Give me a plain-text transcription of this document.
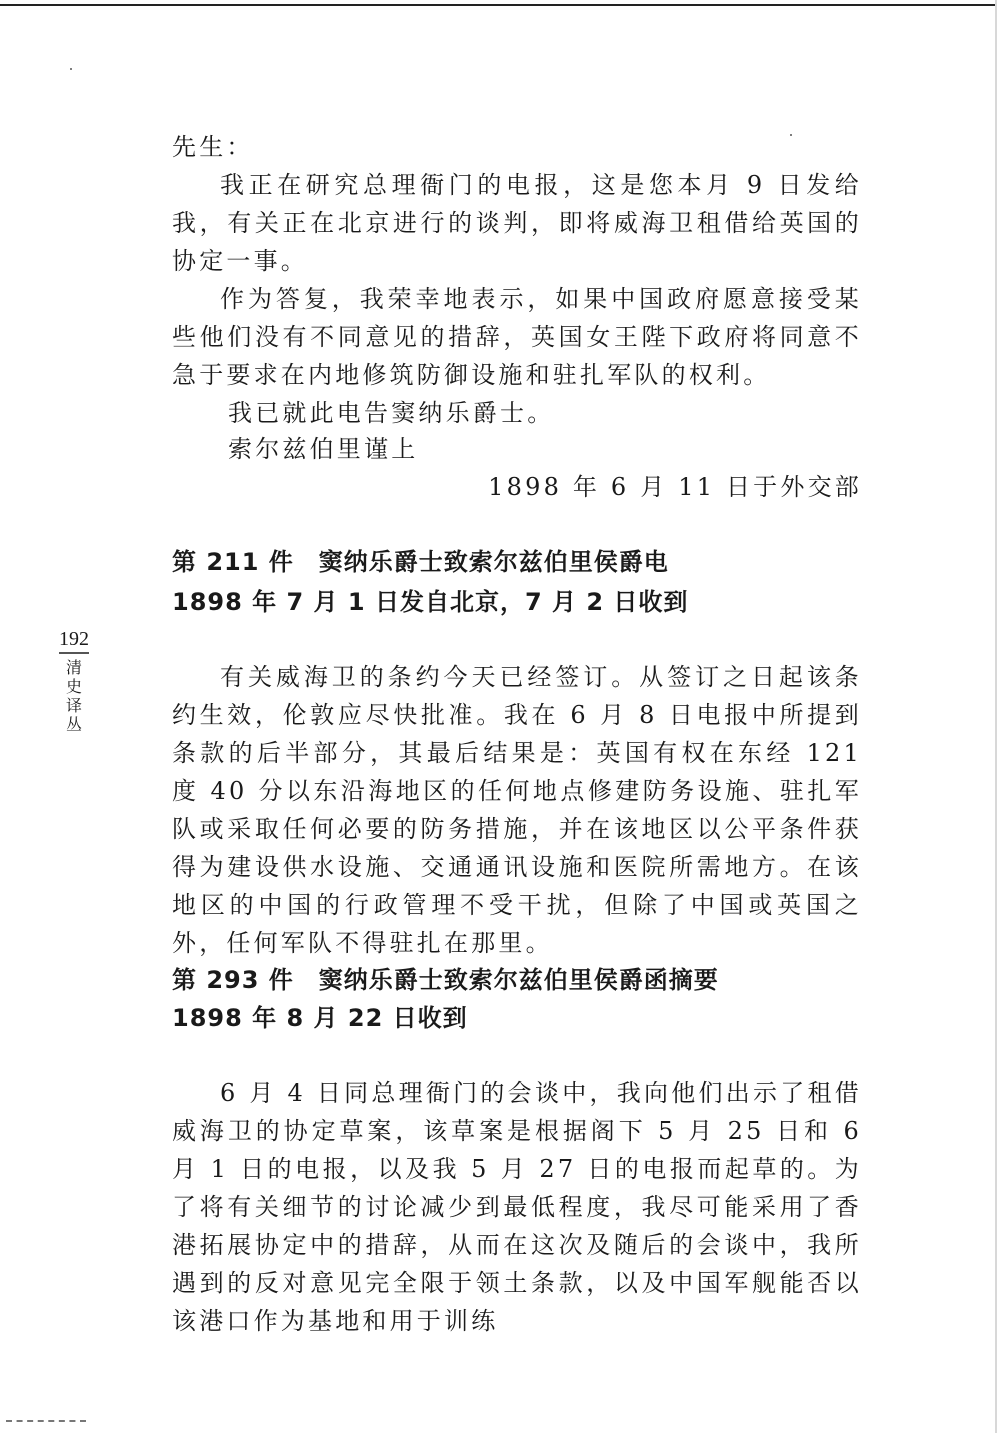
先生：

我正在研究总理衙门的电报，这是您本月 9 日发给我，有关正在北京进行的谈判，即将威海卫租借给英国的协定一事。

作为答复，我荣幸地表示，如果中国政府愿意接受某些他们没有不同意见的措辞，英国女王陛下政府将同意不急于要求在内地修筑防御设施和驻扎军队的权利。

我已就此电告窦纳乐爵士。
索尔兹伯里谨上
1898 年 6 月 11 日于外交部
第 211 件　窦纳乐爵士致索尔兹伯里侯爵电
1898 年 7 月 1 日发自北京，7 月 2 日收到

有关威海卫的条约今天已经签订。从签订之日起该条约生效，伦敦应尽快批准。我在 6 月 8 日电报中所提到条款的后半部分，其最后结果是：英国有权在东经 121 度 40 分以东沿海地区的任何地点修建防务设施、驻扎军队或采取任何必要的防务措施，并在该地区以公平条件获得为建设供水设施、交通通讯设施和医院所需地方。在该地区的中国的行政管理不受干扰，但除了中国或英国之外，任何军队不得驻扎在那里。

第 293 件　窦纳乐爵士致索尔兹伯里侯爵函摘要
1898 年 8 月 22 日收到

6 月 4 日同总理衙门的会谈中，我向他们出示了租借威海卫的协定草案，该草案是根据阁下 5 月 25 日和 6 月 1 日的电报，以及我 5 月 27 日的电报而起草的。为了将有关细节的讨论减少到最低程度，我尽可能采用了香港拓展协定中的措辞，从而在这次及随后的会谈中，我所遇到的反对意见完全限于领土条款，以及中国军舰能否以该港口作为基地和用于训练

192
清
史
译
丛
